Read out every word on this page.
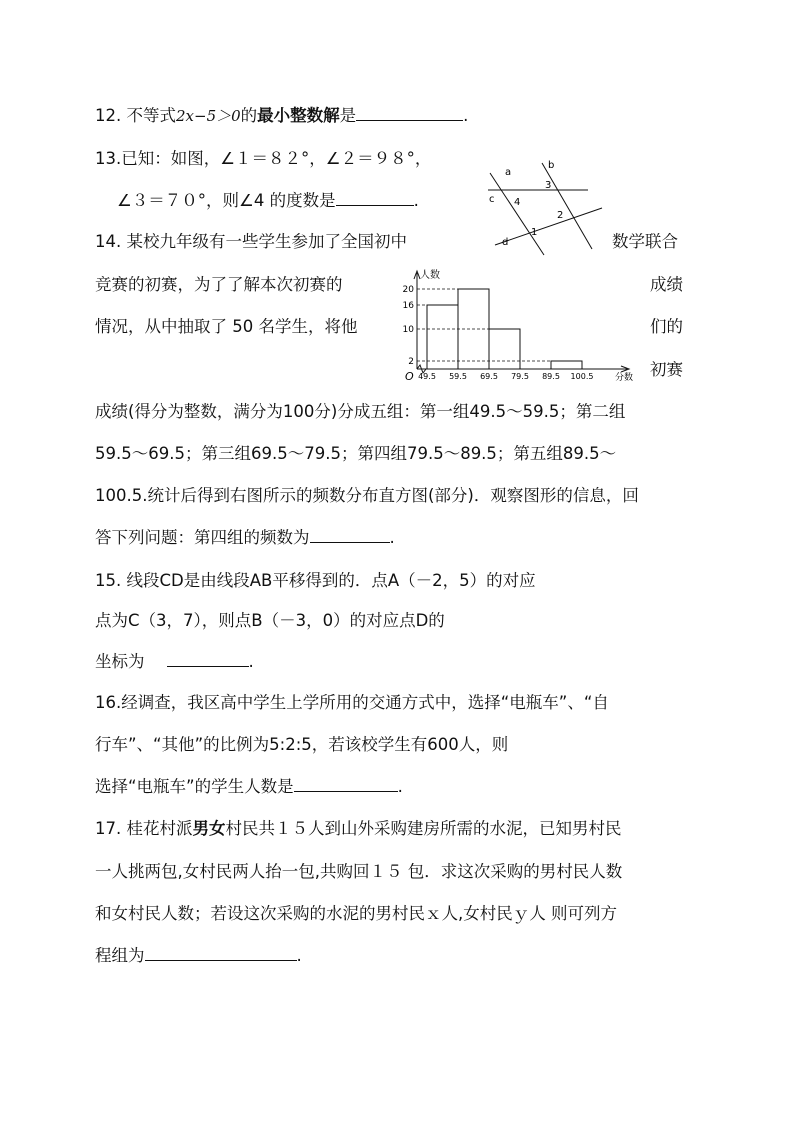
12. 不等式2x−5＞0的最小整数解是	.
13.已知：如图，∠１＝８２°，∠２＝９８°，
∠３＝７０°，则∠4 的度数是	.
a
b
c
d
1
2
3
4
14. 某校九年级有一些学生参加了全国初中	数学联合
竞赛的初赛，为了了解本次初赛的	成绩
情况，从中抽取了 50 名学生，将他	们的
初赛
2
10
16
20
49.5 59.5 69.5 79.5 89.5 100.5
人数
分数
O
成绩(得分为整数，满分为100分)分成五组：第一组49.5～59.5；第二组
59.5～69.5；第三组69.5～79.5；第四组79.5～89.5；第五组89.5～
100.5.统计后得到右图所示的频数分布直方图(部分)．观察图形的信息，回
答下列问题：第四组的频数为	.
15. 线段CD是由线段AB平移得到的．点A（－2，5）的对应
点为C（3，7），则点B（－3，0）的对应点D的
坐标为	.
16.经调查，我区高中学生上学所用的交通方式中，选择“电瓶车”、“自
行车”、“其他”的比例为5:2:5，若该校学生有600人，则
选择“电瓶车”的学生人数是	.
17. 桂花村派男女村民共１５人到山外采购建房所需的水泥，已知男村民
一人挑两包,女村民两人抬一包,共购回１５ 包．求这次采购的男村民人数
和女村民人数；若设这次采购的水泥的男村民ｘ人,女村民ｙ人 则可列方
程组为	.
